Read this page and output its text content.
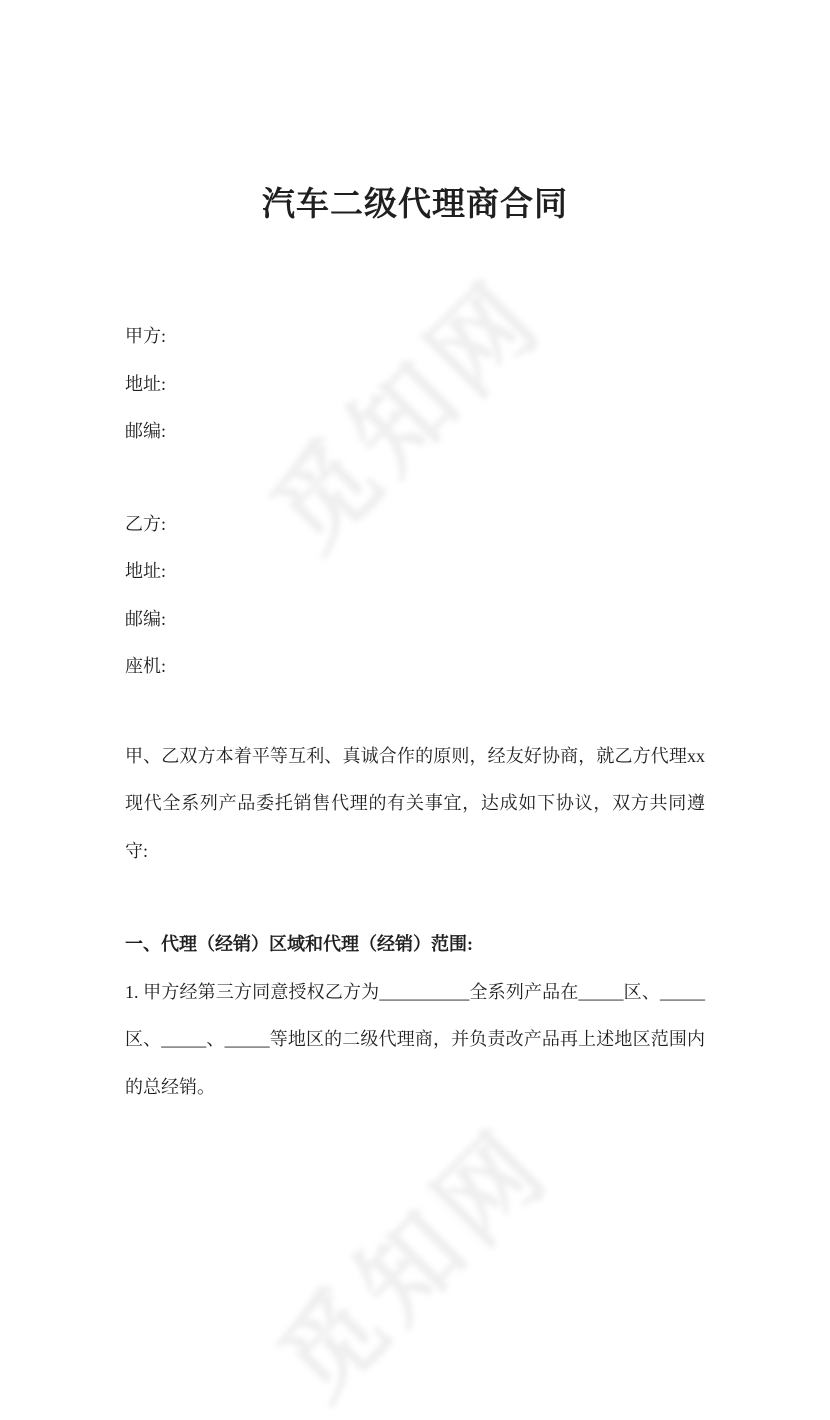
觅知网
觅知网
汽车二级代理商合同
甲方:
地址:
邮编:
乙方:
地址:
邮编:
座机:

甲、乙双方本着平等互利、真诚合作的原则，经友好协商，就乙方代理xx现代全系列产品委托销售代理的有关事宜，达成如下协议，双方共同遵守:

一、代理（经销）区域和代理（经销）范围:

1. 甲方经第三方同意授权乙方为__________全系列产品在_____区、_____区、_____、_____等地区的二级代理商，并负责改产品再上述地区范围内的总经销。
